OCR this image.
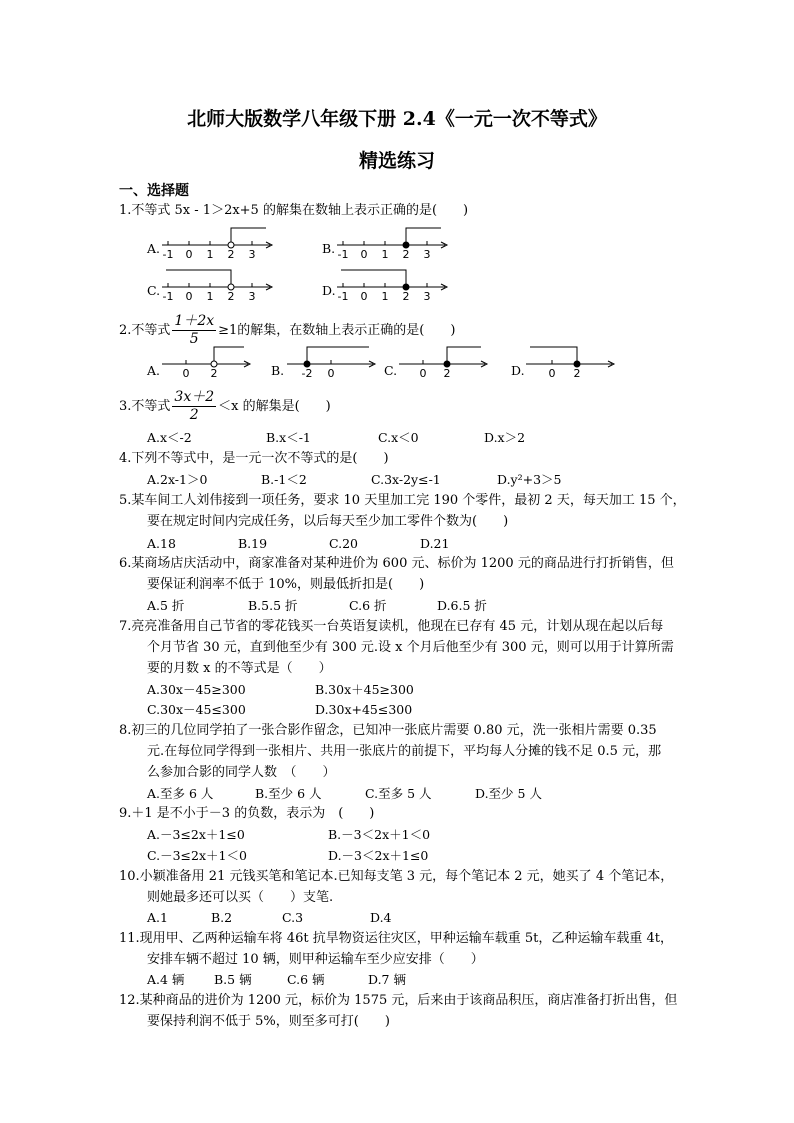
北师大版数学八年级下册 2.4《一元一次不等式》
精选练习
一、选择题
1.不等式 5x - 1＞2x+5 的解集在数轴上表示正确的是(　　)
A. -1 0 1 2 3	B. -1 0 1 2 3
C. -1 0 1 2 3	D. -1 0 1 2 3
2.不等式 $\frac{1+2x}{5} \ge 1$的解集，在数轴上表示正确的是(　　)
A. 0 2	B. -2 0	C. 0 2	D. 0 2
3.不等式 $\frac{3x+2}{2} <x$ 的解集是(　　)
A.x＜-2	B.x＜-1	C.x＜0	D.x＞2
4.下列不等式中，是一元一次不等式的是(　　)
A.2x-1＞0	B.-1＜2	C.3x-2y≤-1	D.y²+3＞5
5.某车间工人刘伟接到一项任务，要求 10 天里加工完 190 个零件，最初 2 天，每天加工 15 个，
要在规定时间内完成任务，以后每天至少加工零件个数为(　　)
A.18	B.19	C.20	D.21
6.某商场店庆活动中，商家准备对某种进价为 600 元、标价为 1200 元的商品进行打折销售，但
要保证利润率不低于 10%，则最低折扣是(　　)
A.5 折	B.5.5 折	C.6 折	D.6.5 折
7.亮亮准备用自己节省的零花钱买一台英语复读机，他现在已存有 45 元，计划从现在起以后每
个月节省 30 元，直到他至少有 300 元.设 x 个月后他至少有 300 元，则可以用于计算所需
要的月数 x 的不等式是（　　）
A.30x－45≥300	B.30x＋45≥300
C.30x－45≤300	D.30x+45≤300
8.初三的几位同学拍了一张合影作留念，已知冲一张底片需要 0.80 元，洗一张相片需要 0.35
元.在每位同学得到一张相片、共用一张底片的前提下，平均每人分摊的钱不足 0.5 元，那
么参加合影的同学人数　（　　）
A.至多 6 人	B.至少 6 人	C.至多 5 人	D.至少 5 人
9.＋1 是不小于－3 的负数，表示为　(　　)
A.－3≤2x＋1≤0	B.－3＜2x＋1＜0
C.－3≤2x＋1＜0	D.－3＜2x＋1≤0
10.小颖准备用 21 元钱买笔和笔记本.已知每支笔 3 元，每个笔记本 2 元，她买了 4 个笔记本，
则她最多还可以买（　　）支笔.
A.1	B.2	C.3	D.4
11.现用甲、乙两种运输车将 46t 抗旱物资运往灾区，甲种运输车载重 5t，乙种运输车载重 4t，
安排车辆不超过 10 辆，则甲种运输车至少应安排（　　）
A.4 辆 B.5 辆	C.6 辆	D.7 辆
12.某种商品的进价为 1200 元，标价为 1575 元，后来由于该商品积压，商店准备打折出售，但
要保持利润不低于 5%，则至多可打(　　)
